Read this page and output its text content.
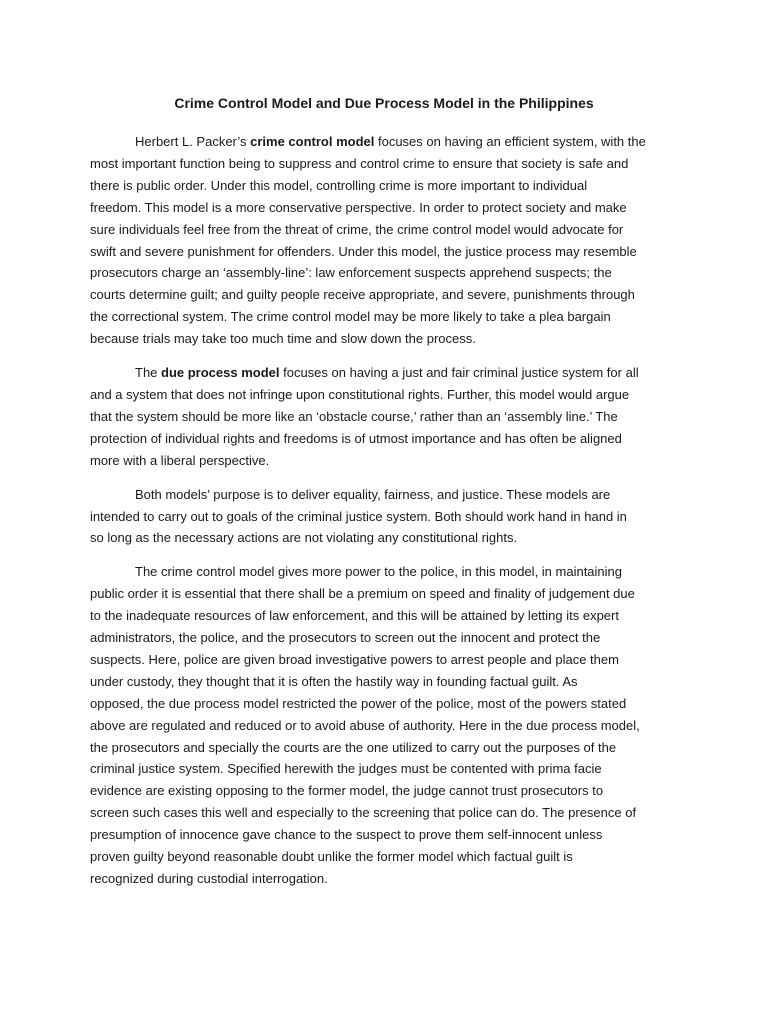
Crime Control Model and Due Process Model in the Philippines
Herbert L. Packer’s crime control model focuses on having an efficient system, with the
most important function being to suppress and control crime to ensure that society is safe and
there is public order. Under this model, controlling crime is more important to individual
freedom. This model is a more conservative perspective. In order to protect society and make
sure individuals feel free from the threat of crime, the crime control model would advocate for
swift and severe punishment for offenders. Under this model, the justice process may resemble
prosecutors charge an ‘assembly-line’: law enforcement suspects apprehend suspects; the
courts determine guilt; and guilty people receive appropriate, and severe, punishments through
the correctional system. The crime control model may be more likely to take a plea bargain
because trials may take too much time and slow down the process.
The due process model focuses on having a just and fair criminal justice system for all
and a system that does not infringe upon constitutional rights. Further, this model would argue
that the system should be more like an ‘obstacle course,’ rather than an ‘assembly line.’ The
protection of individual rights and freedoms is of utmost importance and has often be aligned
more with a liberal perspective.
Both models’ purpose is to deliver equality, fairness, and justice. These models are
intended to carry out to goals of the criminal justice system. Both should work hand in hand in
so long as the necessary actions are not violating any constitutional rights.
The crime control model gives more power to the police, in this model, in maintaining
public order it is essential that there shall be a premium on speed and finality of judgement due
to the inadequate resources of law enforcement, and this will be attained by letting its expert
administrators, the police, and the prosecutors to screen out the innocent and protect the
suspects. Here, police are given broad investigative powers to arrest people and place them
under custody, they thought that it is often the hastily way in founding factual guilt. As
opposed, the due process model restricted the power of the police, most of the powers stated
above are regulated and reduced or to avoid abuse of authority. Here in the due process model,
the prosecutors and specially the courts are the one utilized to carry out the purposes of the
criminal justice system. Specified herewith the judges must be contented with prima facie
evidence are existing opposing to the former model, the judge cannot trust prosecutors to
screen such cases this well and especially to the screening that police can do. The presence of
presumption of innocence gave chance to the suspect to prove them self-innocent unless
proven guilty beyond reasonable doubt unlike the former model which factual guilt is
recognized during custodial interrogation.
